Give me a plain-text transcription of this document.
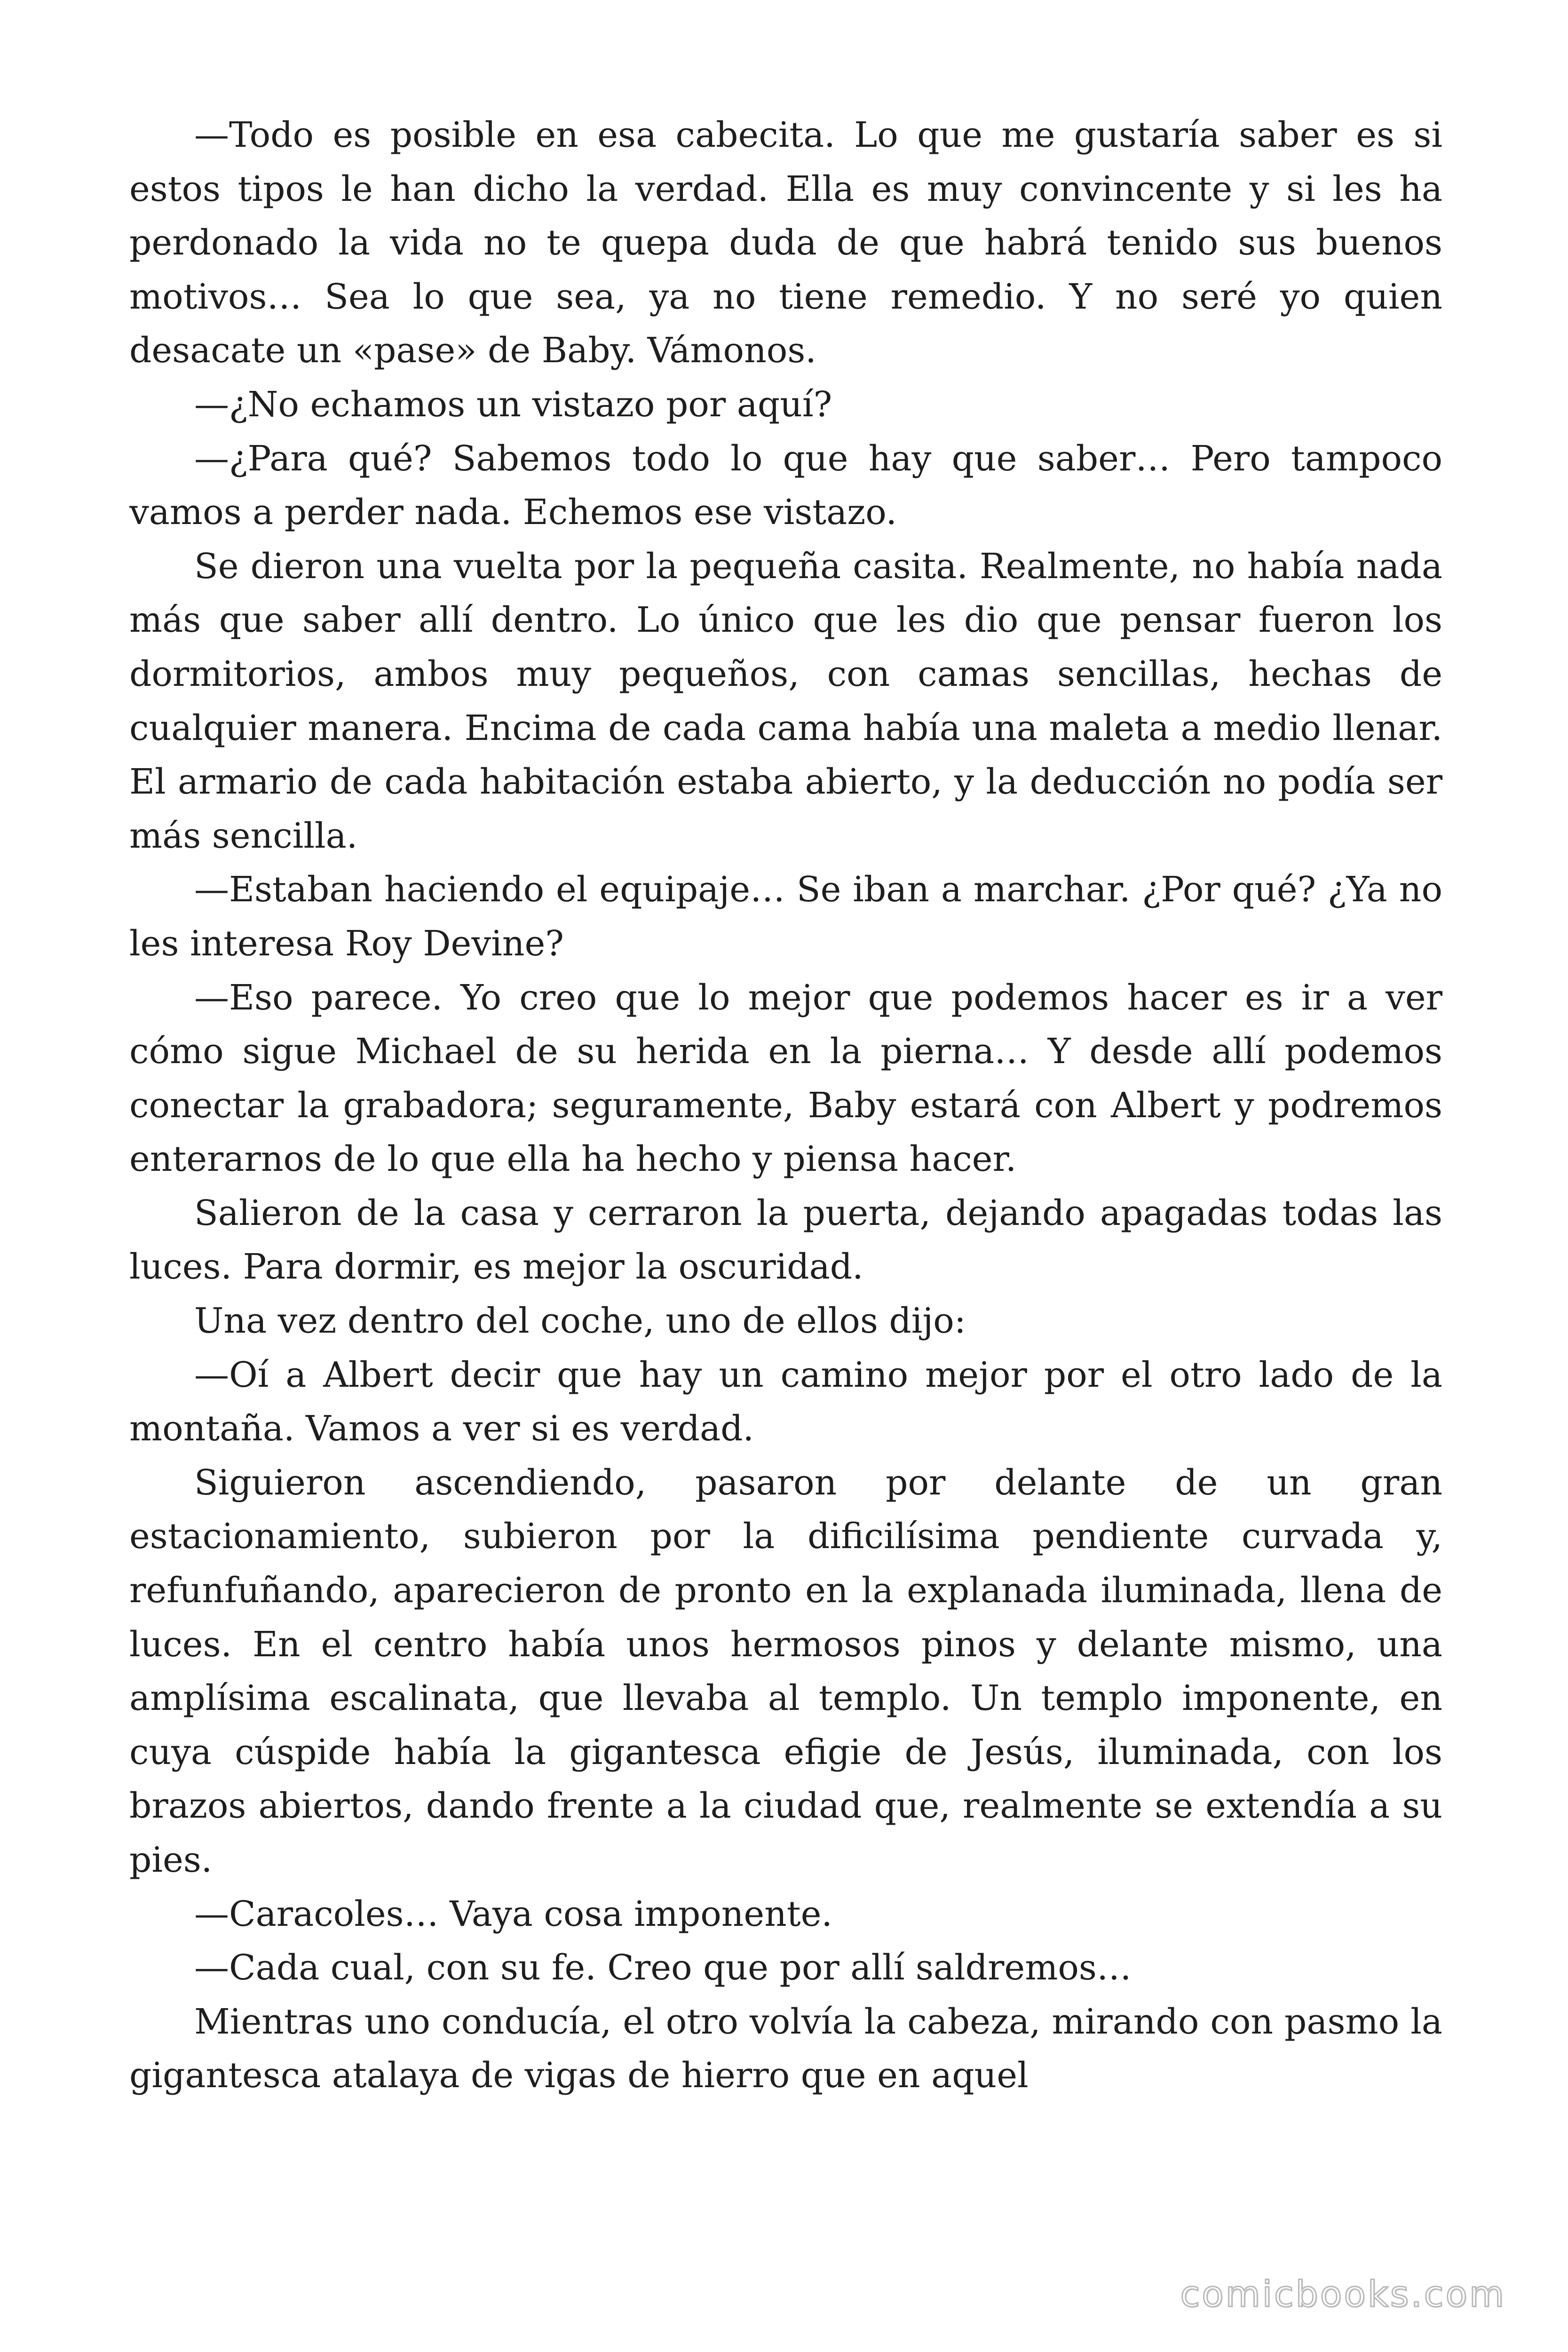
—Todo es posible en esa cabecita. Lo que me gustaría saber es si estos tipos le han dicho la verdad. Ella es muy convincente y si les ha perdonado la vida no te quepa duda de que habrá tenido sus buenos motivos… Sea lo que sea, ya no tiene remedio. Y no seré yo quien desacate un «pase» de Baby. Vámonos.

—¿No echamos un vistazo por aquí?

—¿Para qué? Sabemos todo lo que hay que saber… Pero tampoco vamos a perder nada. Echemos ese vistazo.

Se dieron una vuelta por la pequeña casita. Realmente, no había nada más que saber allí dentro. Lo único que les dio que pensar fueron los dormitorios, ambos muy pequeños, con camas sencillas, hechas de cualquier manera. Encima de cada cama había una maleta a medio llenar. El armario de cada habitación estaba abierto, y la deducción no podía ser más sencilla.

—Estaban haciendo el equipaje… Se iban a marchar. ¿Por qué? ¿Ya no les interesa Roy Devine?

—Eso parece. Yo creo que lo mejor que podemos hacer es ir a ver cómo sigue Michael de su herida en la pierna… Y desde allí podemos conectar la grabadora; seguramente, Baby estará con Albert y podremos enterarnos de lo que ella ha hecho y piensa hacer.

Salieron de la casa y cerraron la puerta, dejando apagadas todas las luces. Para dormir, es mejor la oscuridad.

Una vez dentro del coche, uno de ellos dijo:

—Oí a Albert decir que hay un camino mejor por el otro lado de la montaña. Vamos a ver si es verdad.

Siguieron ascendiendo, pasaron por delante de un gran estacionamiento, subieron por la dificilísima pendiente curvada y, refunfuñando, aparecieron de pronto en la explanada iluminada, llena de luces. En el centro había unos hermosos pinos y delante mismo, una amplísima escalinata, que llevaba al templo. Un templo imponente, en cuya cúspide había la gigantesca efigie de Jesús, iluminada, con los brazos abiertos, dando frente a la ciudad que, realmente se extendía a su pies.

—Caracoles… Vaya cosa imponente.

—Cada cual, con su fe. Creo que por allí saldremos…

Mientras uno conducía, el otro volvía la cabeza, mirando con pasmo la gigantesca atalaya de vigas de hierro que en aquel

comicbooks.com
